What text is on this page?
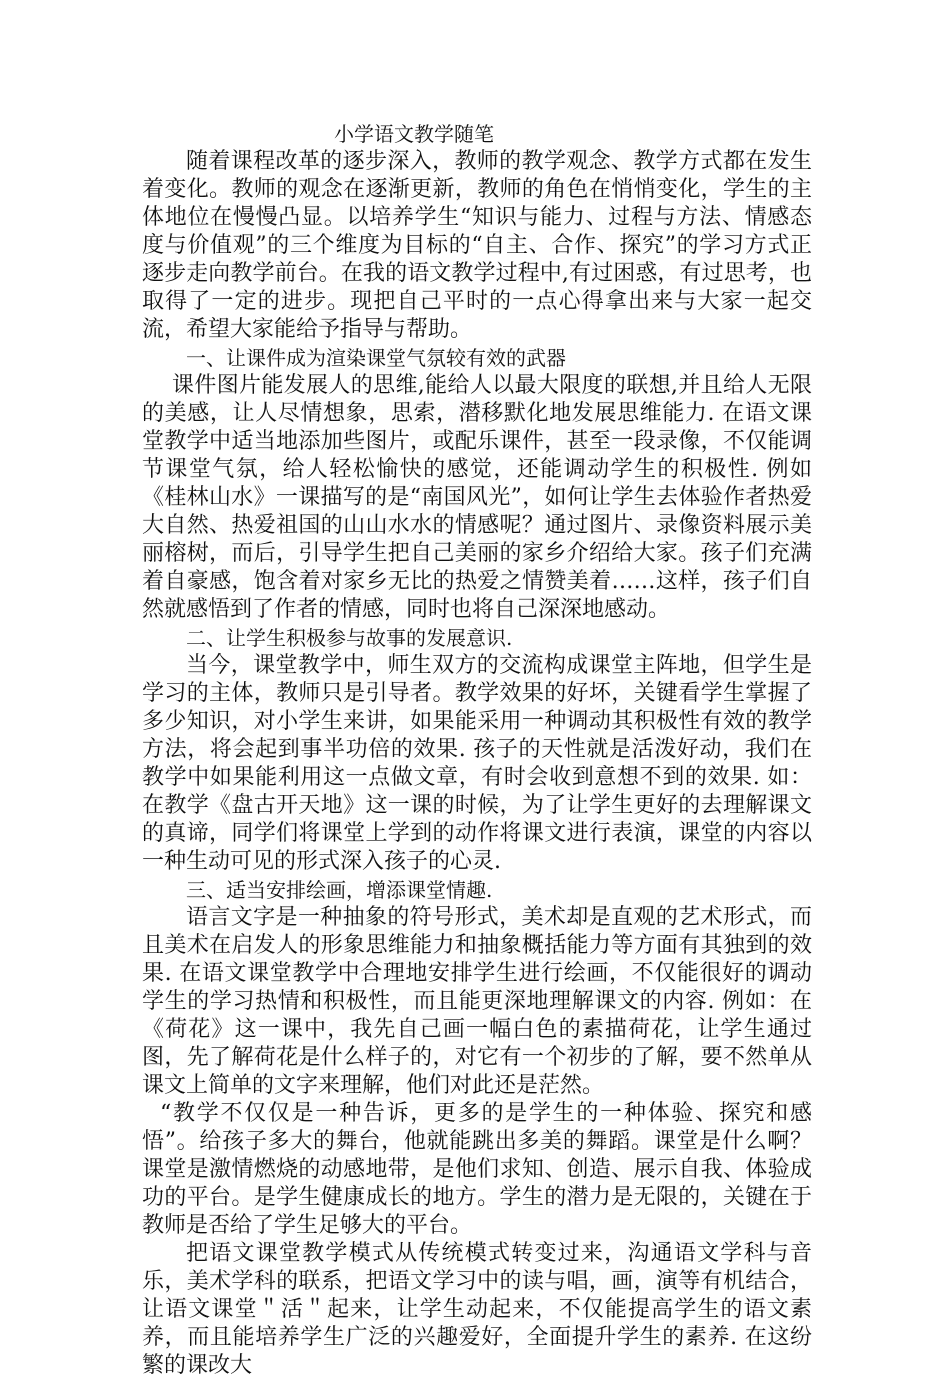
小学语文教学随笔

随着课程改革的逐步深入，教师的教学观念、教学方式都在发生着变化。教师的观念在逐渐更新，教师的角色在悄悄变化，学生的主体地位在慢慢凸显。以培养学生“知识与能力、过程与方法、情感态度与价值观”的三个维度为目标的“自主、合作、探究”的学习方式正逐步走向教学前台。在我的语文教学过程中,有过困惑，有过思考，也取得了一定的进步。现把自己平时的一点心得拿出来与大家一起交流，希望大家能给予指导与帮助。

一、让课件成为渲染课堂气氛较有效的武器

课件图片能发展人的思维,能给人以最大限度的联想,并且给人无限的美感，让人尽情想象，思索，潜移默化地发展思维能力. 在语文课堂教学中适当地添加些图片，或配乐课件，甚至一段录像，不仅能调节课堂气氛，给人轻松愉快的感觉，还能调动学生的积极性. 例如《桂林山水》一课描写的是“南国风光”，如何让学生去体验作者热爱大自然、热爱祖国的山山水水的情感呢？通过图片、录像资料展示美丽榕树，而后，引导学生把自己美丽的家乡介绍给大家。孩子们充满着自豪感，饱含着对家乡无比的热爱之情赞美着……这样，孩子们自然就感悟到了作者的情感，同时也将自己深深地感动。

二、让学生积极参与故事的发展意识.

当今，课堂教学中，师生双方的交流构成课堂主阵地，但学生是学习的主体，教师只是引导者。教学效果的好坏，关键看学生掌握了多少知识，对小学生来讲，如果能采用一种调动其积极性有效的教学方法，将会起到事半功倍的效果. 孩子的天性就是活泼好动，我们在教学中如果能利用这一点做文章，有时会收到意想不到的效果. 如：在教学《盘古开天地》这一课的时候，为了让学生更好的去理解课文的真谛，同学们将课堂上学到的动作将课文进行表演，课堂的内容以一种生动可见的形式深入孩子的心灵.

三、适当安排绘画，增添课堂情趣.

语言文字是一种抽象的符号形式，美术却是直观的艺术形式，而且美术在启发人的形象思维能力和抽象概括能力等方面有其独到的效果. 在语文课堂教学中合理地安排学生进行绘画，不仅能很好的调动学生的学习热情和积极性，而且能更深地理解课文的内容. 例如：在《荷花》这一课中，我先自己画一幅白色的素描荷花，让学生通过图，先了解荷花是什么样子的，对它有一个初步的了解，要不然单从课文上简单的文字来理解，他们对此还是茫然。

“教学不仅仅是一种告诉，更多的是学生的一种体验、探究和感悟”。给孩子多大的舞台，他就能跳出多美的舞蹈。课堂是什么啊？课堂是激情燃烧的动感地带，是他们求知、创造、展示自我、体验成功的平台。是学生健康成长的地方。学生的潜力是无限的，关键在于教师是否给了学生足够大的平台。

把语文课堂教学模式从传统模式转变过来，沟通语文学科与音乐，美术学科的联系，把语文学习中的读与唱，画，演等有机结合，让语文课堂＂活＂起来，让学生动起来，不仅能提高学生的语文素养，而且能培养学生广泛的兴趣爱好，全面提升学生的素养. 在这纷繁的课改大
